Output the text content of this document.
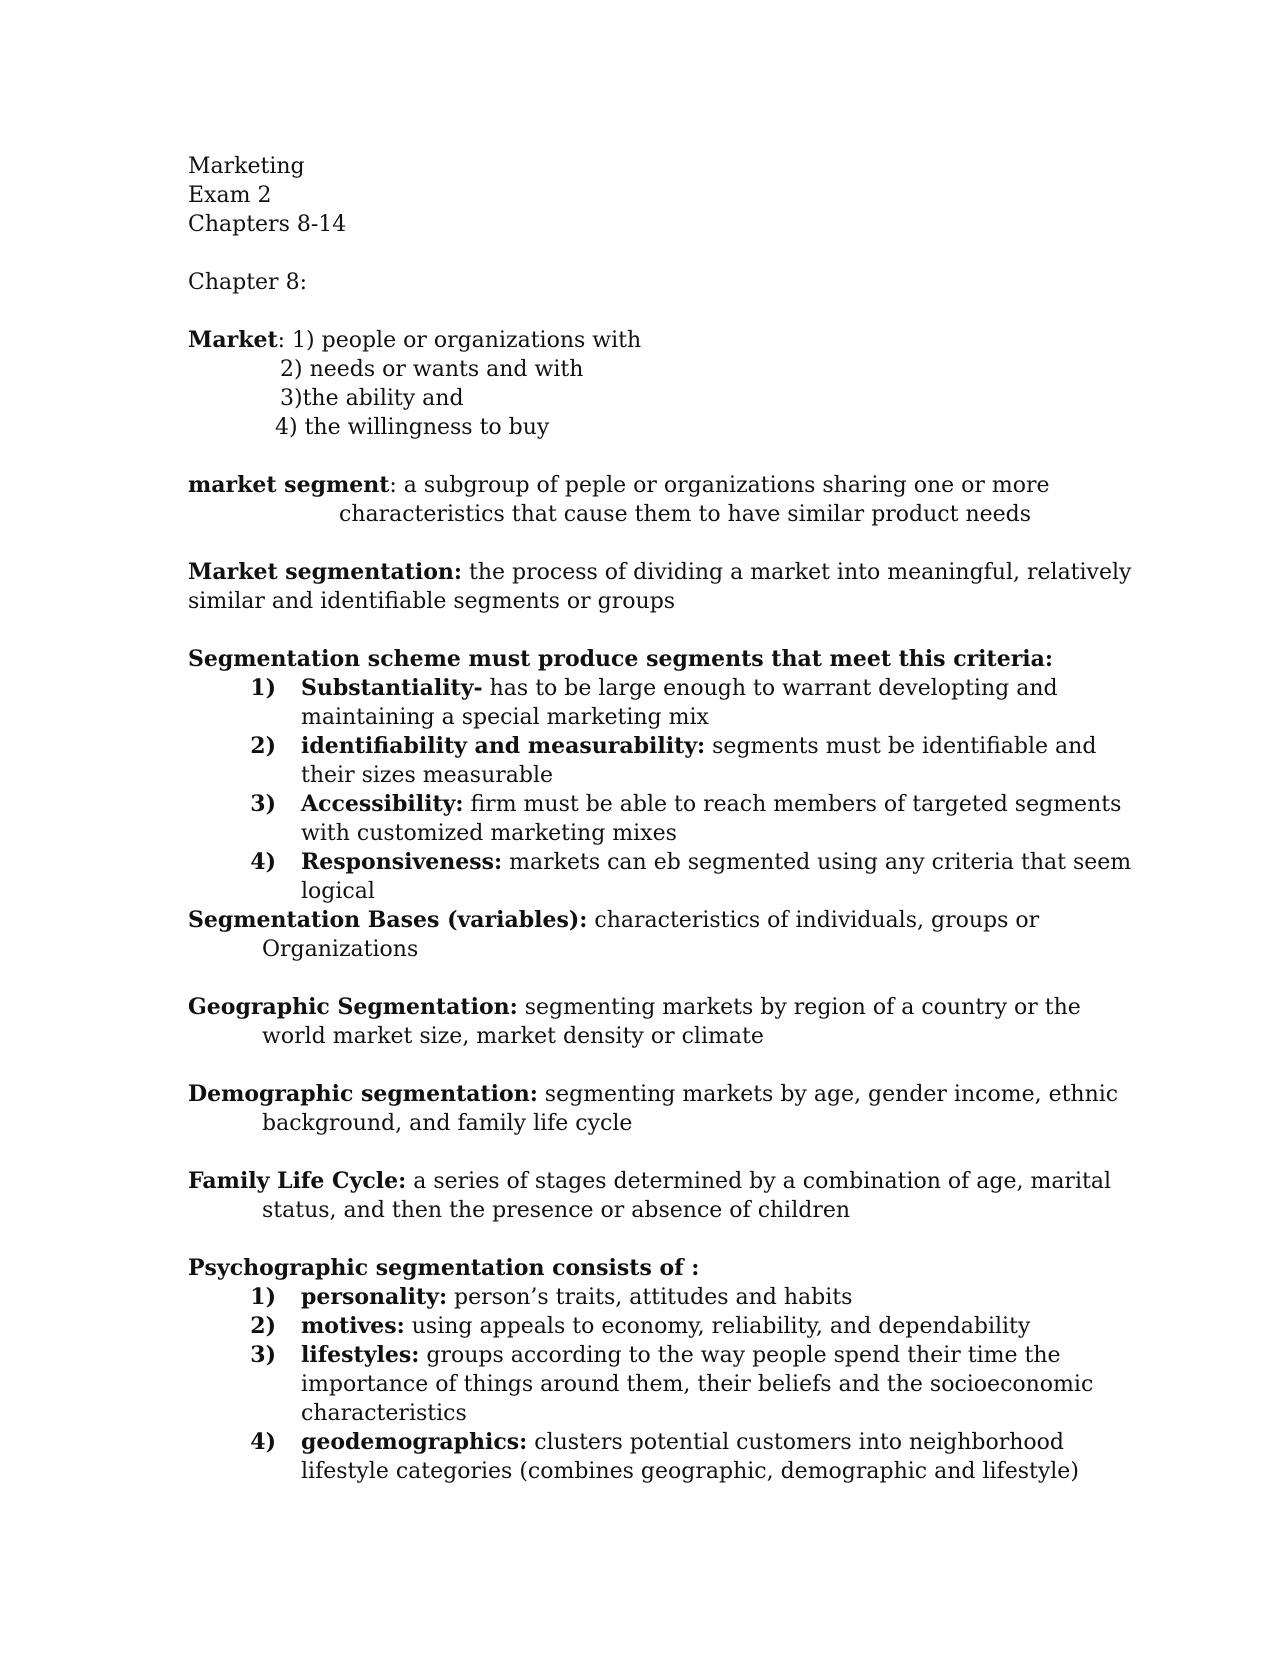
Marketing
Exam 2
Chapters 8-14
Chapter 8:
Market: 1) people or organizations with
2) needs or wants and with
3)the ability and
4) the willingness to buy
market segment: a subgroup of peple or organizations sharing one or more
characteristics that cause them to have similar product needs
Market segmentation: the process of dividing a market into meaningful, relatively
similar and identifiable segments or groups
Segmentation scheme must produce segments that meet this criteria:
1) Substantiality- has to be large enough to warrant developting and
maintaining a special marketing mix
2) identifiability and measurability: segments must be identifiable and
their sizes measurable
3) Accessibility: firm must be able to reach members of targeted segments
with customized marketing mixes
4) Responsiveness: markets can eb segmented using any criteria that seem
logical
Segmentation Bases (variables): characteristics of individuals, groups or
Organizations
Geographic Segmentation: segmenting markets by region of a country or the
world market size, market density or climate
Demographic segmentation: segmenting markets by age, gender income, ethnic
background, and family life cycle
Family Life Cycle: a series of stages determined by a combination of age, marital
status, and then the presence or absence of children
Psychographic segmentation consists of :
1) personality: person’s traits, attitudes and habits
2) motives: using appeals to economy, reliability, and dependability
3) lifestyles: groups according to the way people spend their time the
importance of things around them, their beliefs and the socioeconomic
characteristics
4) geodemographics: clusters potential customers into neighborhood
lifestyle categories (combines geographic, demographic and lifestyle)
